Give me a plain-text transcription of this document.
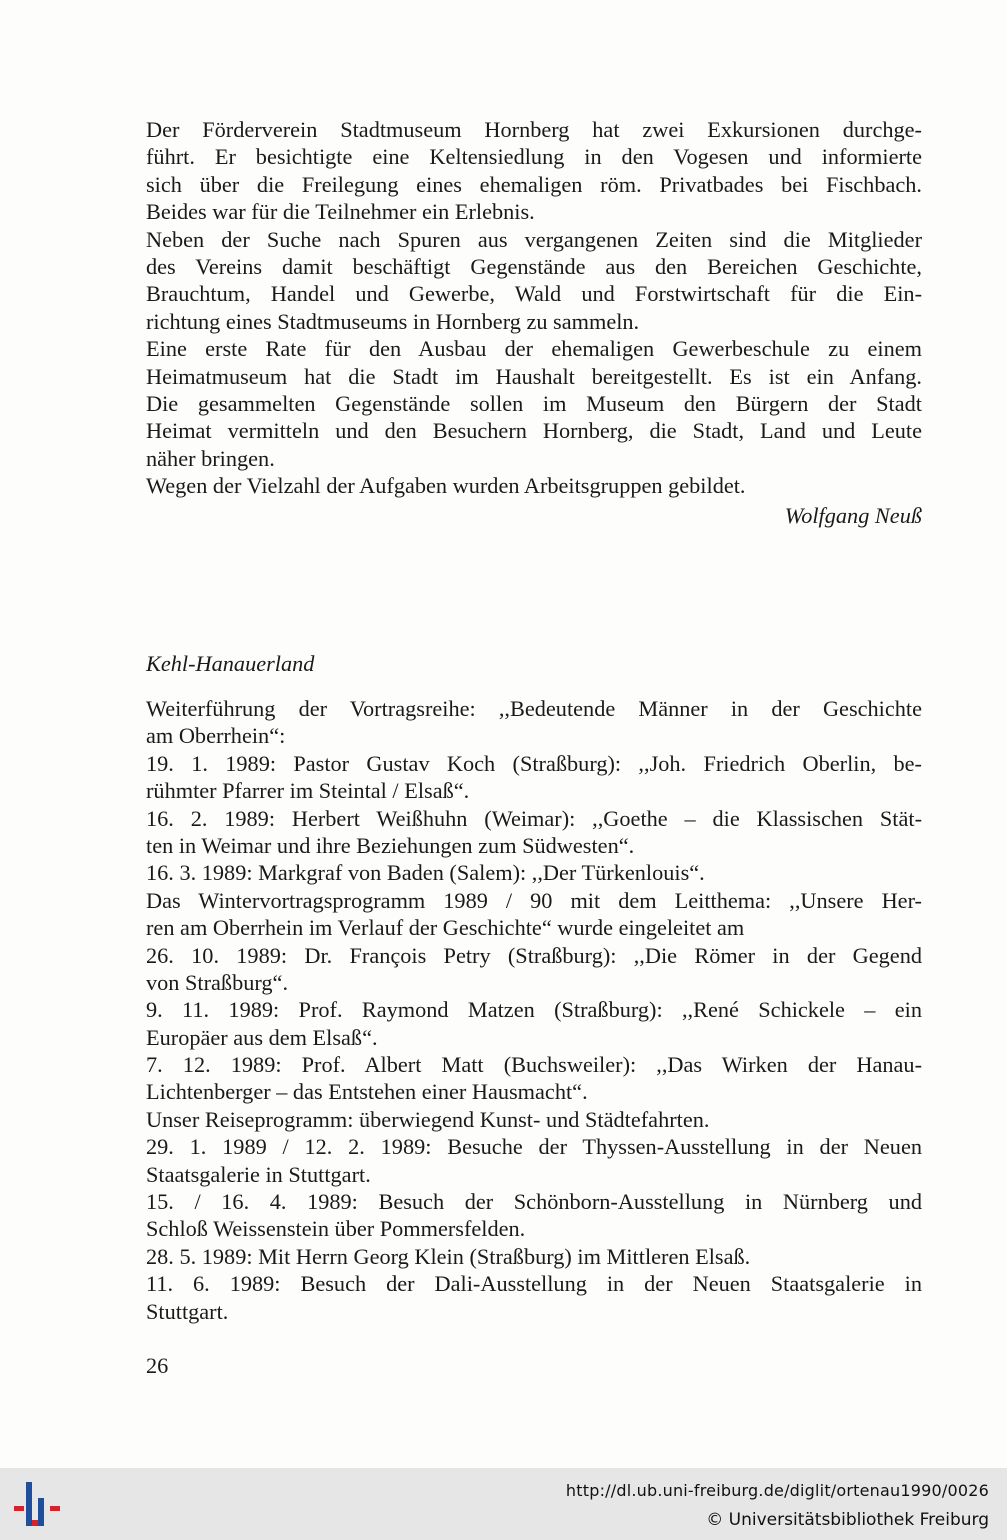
Der Förderverein Stadtmuseum Hornberg hat zwei Exkursionen durchge-
führt. Er besichtigte eine Keltensiedlung in den Vogesen und informierte
sich über die Freilegung eines ehemaligen röm. Privatbades bei Fischbach.
Beides war für die Teilnehmer ein Erlebnis.
Neben der Suche nach Spuren aus vergangenen Zeiten sind die Mitglieder
des Vereins damit beschäftigt Gegenstände aus den Bereichen Geschichte,
Brauchtum, Handel und Gewerbe, Wald und Forstwirtschaft für die Ein-
richtung eines Stadtmuseums in Hornberg zu sammeln.
Eine erste Rate für den Ausbau der ehemaligen Gewerbeschule zu einem
Heimatmuseum hat die Stadt im Haushalt bereitgestellt. Es ist ein Anfang.
Die gesammelten Gegenstände sollen im Museum den Bürgern der Stadt
Heimat vermitteln und den Besuchern Hornberg, die Stadt, Land und Leute
näher bringen.
Wegen der Vielzahl der Aufgaben wurden Arbeitsgruppen gebildet.
Wolfgang Neuß
Kehl-Hanauerland
Weiterführung der Vortragsreihe: ,,Bedeutende Männer in der Geschichte
am Oberrhein“:
19. 1. 1989: Pastor Gustav Koch (Straßburg): ,,Joh. Friedrich Oberlin, be-
rühmter Pfarrer im Steintal / Elsaß“.
16. 2. 1989: Herbert Weißhuhn (Weimar): ,,Goethe – die Klassischen Stät-
ten in Weimar und ihre Beziehungen zum Südwesten“.
16. 3. 1989: Markgraf von Baden (Salem): ,,Der Türkenlouis“.
Das Wintervortragsprogramm 1989 / 90 mit dem Leitthema: ,,Unsere Her-
ren am Oberrhein im Verlauf der Geschichte“ wurde eingeleitet am
26. 10. 1989: Dr. François Petry (Straßburg): ,,Die Römer in der Gegend
von Straßburg“.
9. 11. 1989: Prof. Raymond Matzen (Straßburg): ,,René Schickele – ein
Europäer aus dem Elsaß“.
7. 12. 1989: Prof. Albert Matt (Buchsweiler): ,,Das Wirken der Hanau-
Lichtenberger – das Entstehen einer Hausmacht“.
Unser Reiseprogramm: überwiegend Kunst- und Städtefahrten.
29. 1. 1989 / 12. 2. 1989: Besuche der Thyssen-Ausstellung in der Neuen
Staatsgalerie in Stuttgart.
15. / 16. 4. 1989: Besuch der Schönborn-Ausstellung in Nürnberg und
Schloß Weissenstein über Pommersfelden.
28. 5. 1989: Mit Herrn Georg Klein (Straßburg) im Mittleren Elsaß.
11. 6. 1989: Besuch der Dali-Ausstellung in der Neuen Staatsgalerie in
Stuttgart.
26
http://dl.ub.uni-freiburg.de/diglit/ortenau1990/0026
© Universitätsbibliothek Freiburg
